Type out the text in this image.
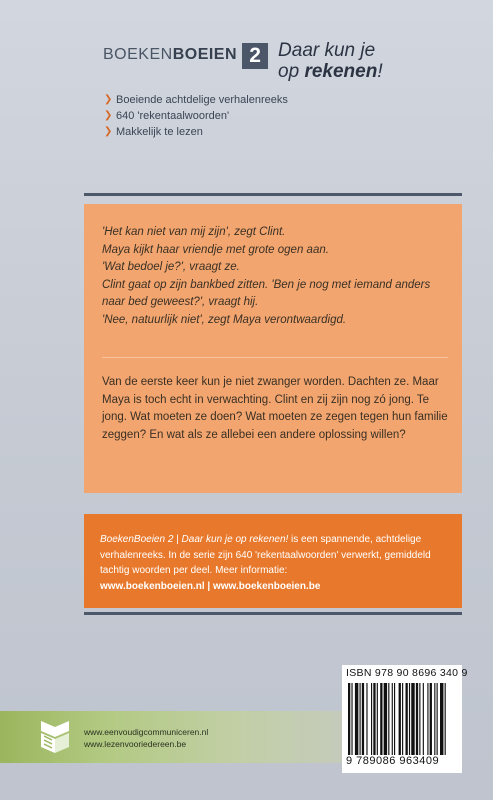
BOEKENBOEIEN 2 Daar kun je
op rekenen!
❯ Boeiende achtdelige verhalenreeks
❯ 640 'rekentaalwoorden'
❯ Makkelijk te lezen

'Het kan niet van mij zijn', zegt Clint.

Maya kijkt haar vriendje met grote ogen aan.

'Wat bedoel je?', vraagt ze.

Clint gaat op zijn bankbed zitten. 'Ben je nog met iemand anders naar bed geweest?', vraagt hij.

'Nee, natuurlijk niet', zegt Maya verontwaardigd.

Van de eerste keer kun je niet zwanger worden. Dachten ze. Maar Maya is toch echt in verwachting. Clint en zij zijn nog zó jong. Te jong. Wat moeten ze doen? Wat moeten ze zegen tegen hun familie zeggen? En wat als ze allebei een andere oplossing willen?
BoekenBoeien 2 | Daar kun je op rekenen! is een spannende, achtdelige verhalenreeks. In de serie zijn 640 'rekentaalwoorden' verwerkt, gemiddeld tachtig woorden per deel. Meer informatie:
www.boekenboeien.nl | www.boekenboeien.be
www.eenvoudigcommuniceren.nl
www.lezenvooriedereen.be
ISBN 978 90 8696 340 9
9 789086 963409
